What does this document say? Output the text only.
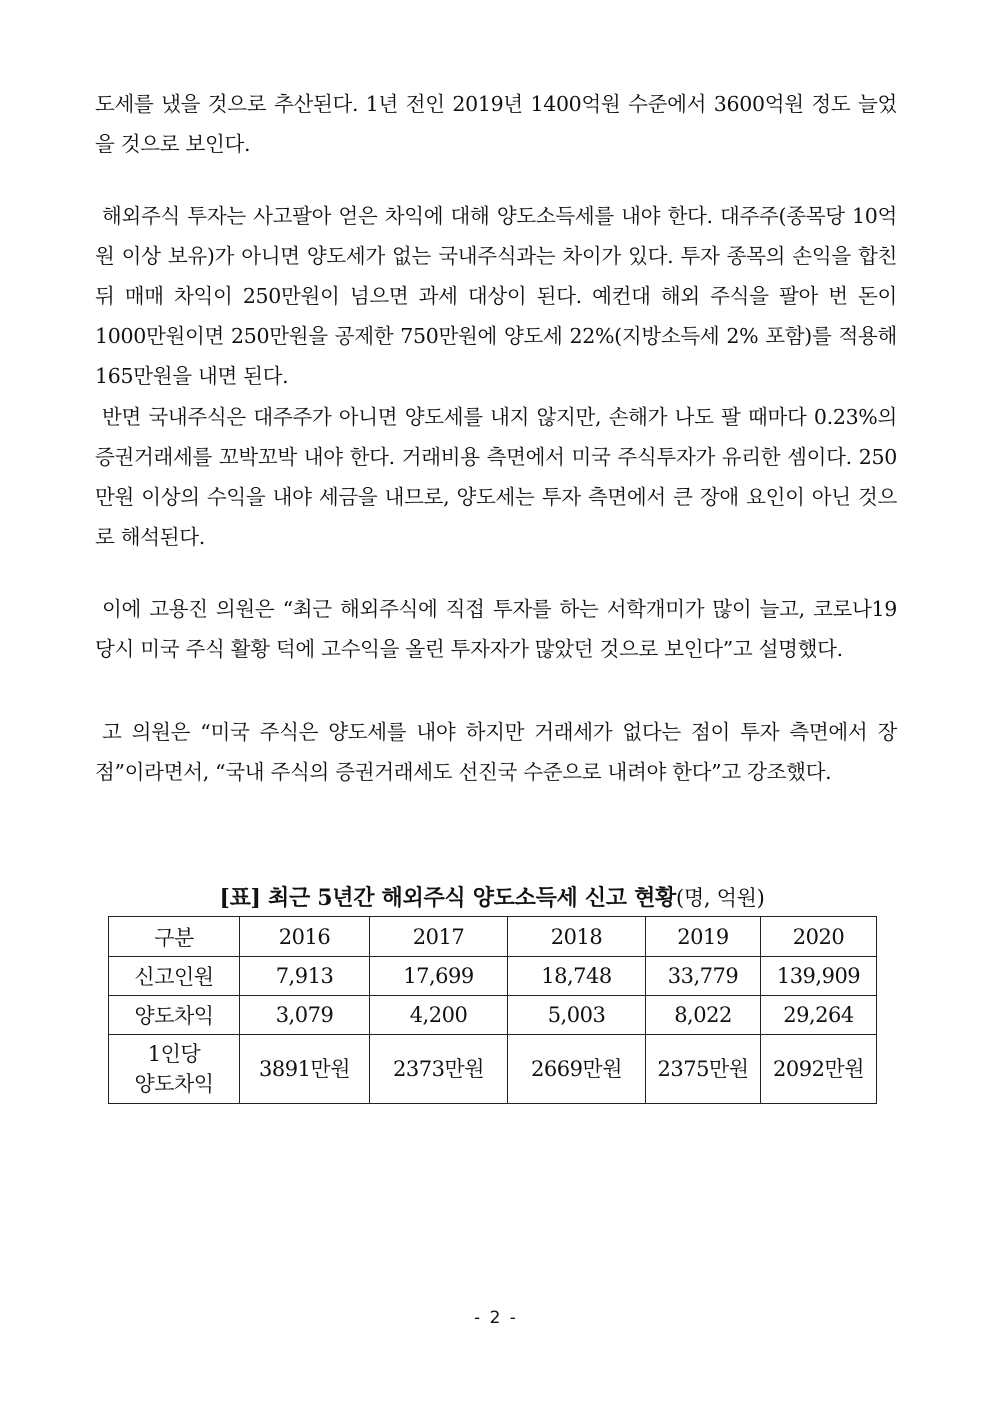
도세를 냈을 것으로 추산된다. 1년 전인 2019년 1400억원 수준에서 3600억원 정도 늘었을 것으로 보인다.

해외주식 투자는 사고팔아 얻은 차익에 대해 양도소득세를 내야 한다. 대주주(종목당 10억원 이상 보유)가 아니면 양도세가 없는 국내주식과는 차이가 있다. 투자 종목의 손익을 합친 뒤 매매 차익이 250만원이 넘으면 과세 대상이 된다. 예컨대 해외 주식을 팔아 번 돈이 1000만원이면 250만원을 공제한 750만원에 양도세 22%(지방소득세 2% 포함)를 적용해 165만원을 내면 된다.

반면 국내주식은 대주주가 아니면 양도세를 내지 않지만, 손해가 나도 팔 때마다 0.23%의 증권거래세를 꼬박꼬박 내야 한다. 거래비용 측면에서 미국 주식투자가 유리한 셈이다. 250만원 이상의 수익을 내야 세금을 내므로, 양도세는 투자 측면에서 큰 장애 요인이 아닌 것으로 해석된다.

이에 고용진 의원은 “최근 해외주식에 직접 투자를 하는 서학개미가 많이 늘고, 코로나19 당시 미국 주식 활황 덕에 고수익을 올린 투자자가 많았던 것으로 보인다”고 설명했다.

고 의원은 “미국 주식은 양도세를 내야 하지만 거래세가 없다는 점이 투자 측면에서 장점”이라면서, “국내 주식의 증권거래세도 선진국 수준으로 내려야 한다”고 강조했다.

[표] 최근 5년간 해외주식 양도소득세 신고 현황(명, 억원)
구분	2016	2017	2018	2019	2020
신고인원	7,913	17,699	18,748	33,779	139,909
양도차익	3,079	4,200	5,003	8,022	29,264
1인당
양도차익	3891만원	2373만원	2669만원	2375만원	2092만원
- 2 -
